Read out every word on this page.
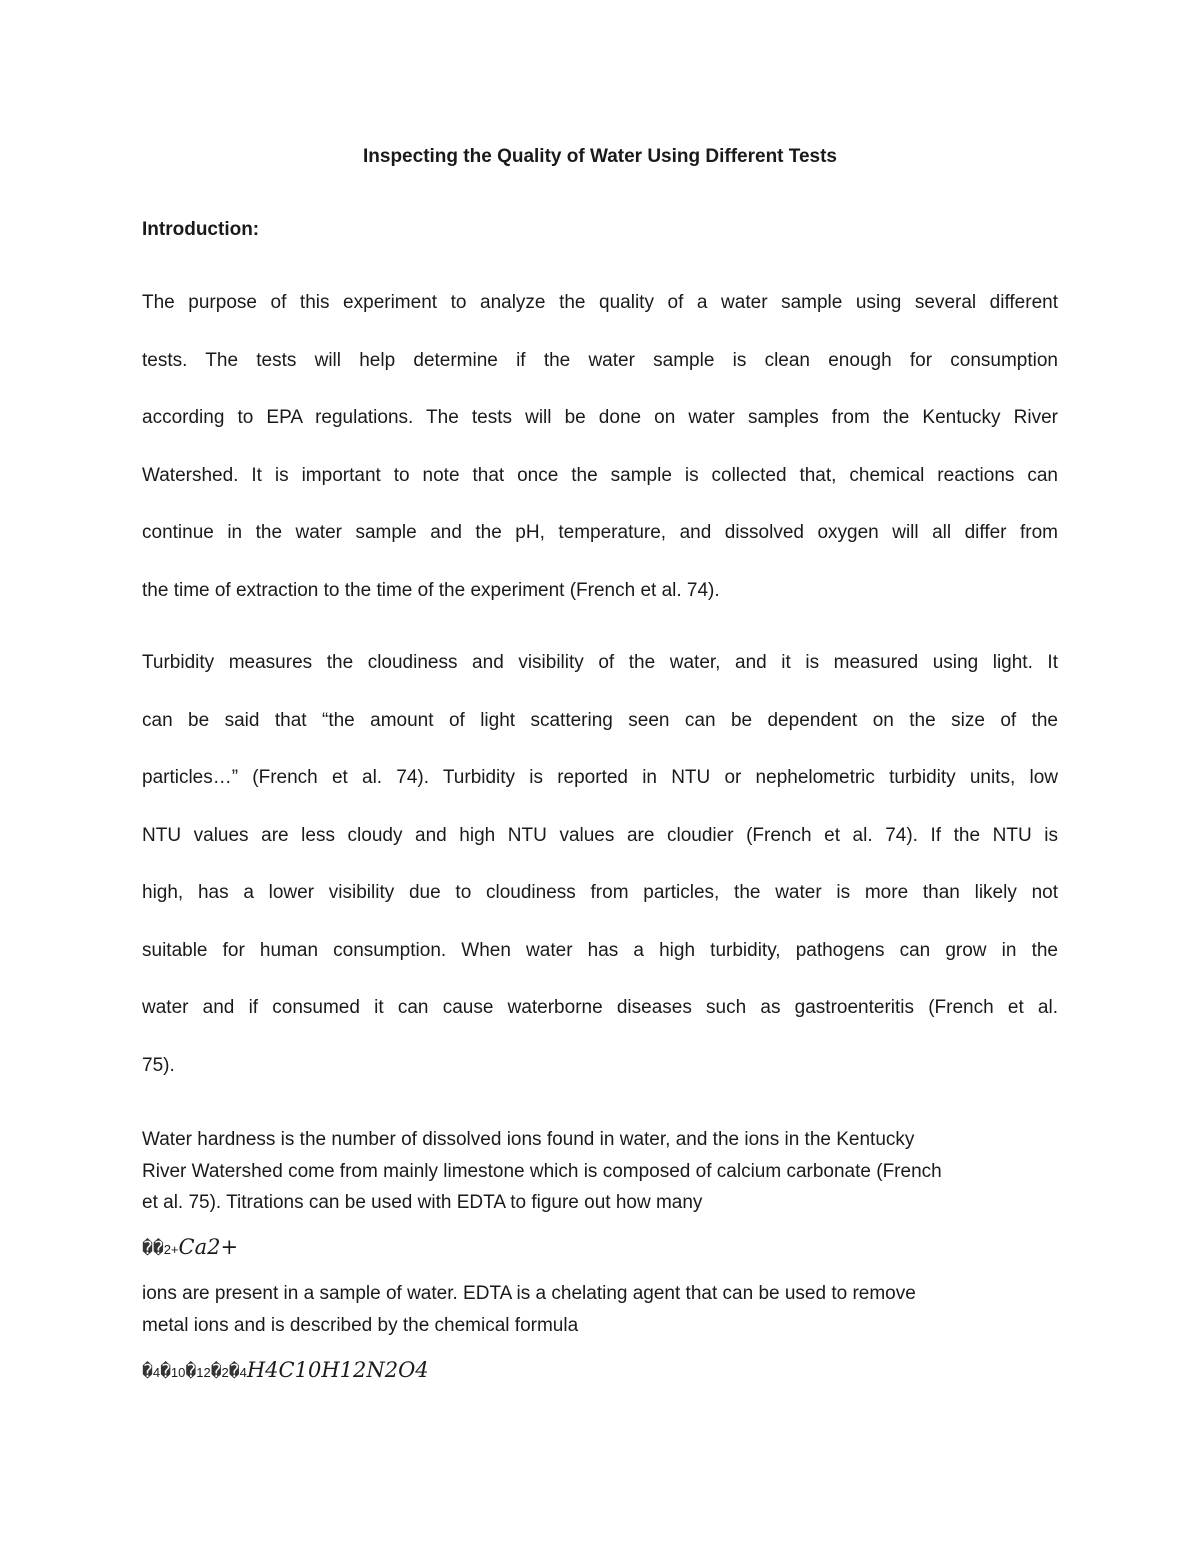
Inspecting the Quality of Water Using Different Tests
Introduction:
The purpose of this experiment to analyze the quality of a water sample using several different
tests. The tests will help determine if the water sample is clean enough for consumption
according to EPA regulations. The tests will be done on water samples from the Kentucky River
Watershed. It is important to note that once the sample is collected that, chemical reactions can
continue in the water sample and the pH, temperature, and dissolved oxygen will all differ from
the time of extraction to the time of the experiment (French et al. 74).
Turbidity measures the cloudiness and visibility of the water, and it is measured using light. It
can be said that “the amount of light scattering seen can be dependent on the size of the
particles…” (French et al. 74). Turbidity is reported in NTU or nephelometric turbidity units, low
NTU values are less cloudy and high NTU values are cloudier (French et al. 74). If the NTU is
high, has a lower visibility due to cloudiness from particles, the water is more than likely not
suitable for human consumption. When water has a high turbidity, pathogens can grow in the
water and if consumed it can cause waterborne diseases such as gastroenteritis (French et al.
75).
Water hardness is the number of dissolved ions found in water, and the ions in the Kentucky
River Watershed come from mainly limestone which is composed of calcium carbonate (French
et al. 75). Titrations can be used with EDTA to figure out how many
��2+Ca2+
ions are present in a sample of water. EDTA is a chelating agent that can be used to remove
metal ions and is described by the chemical formula
�4�10�12�2�4H4C10H12N2O4
